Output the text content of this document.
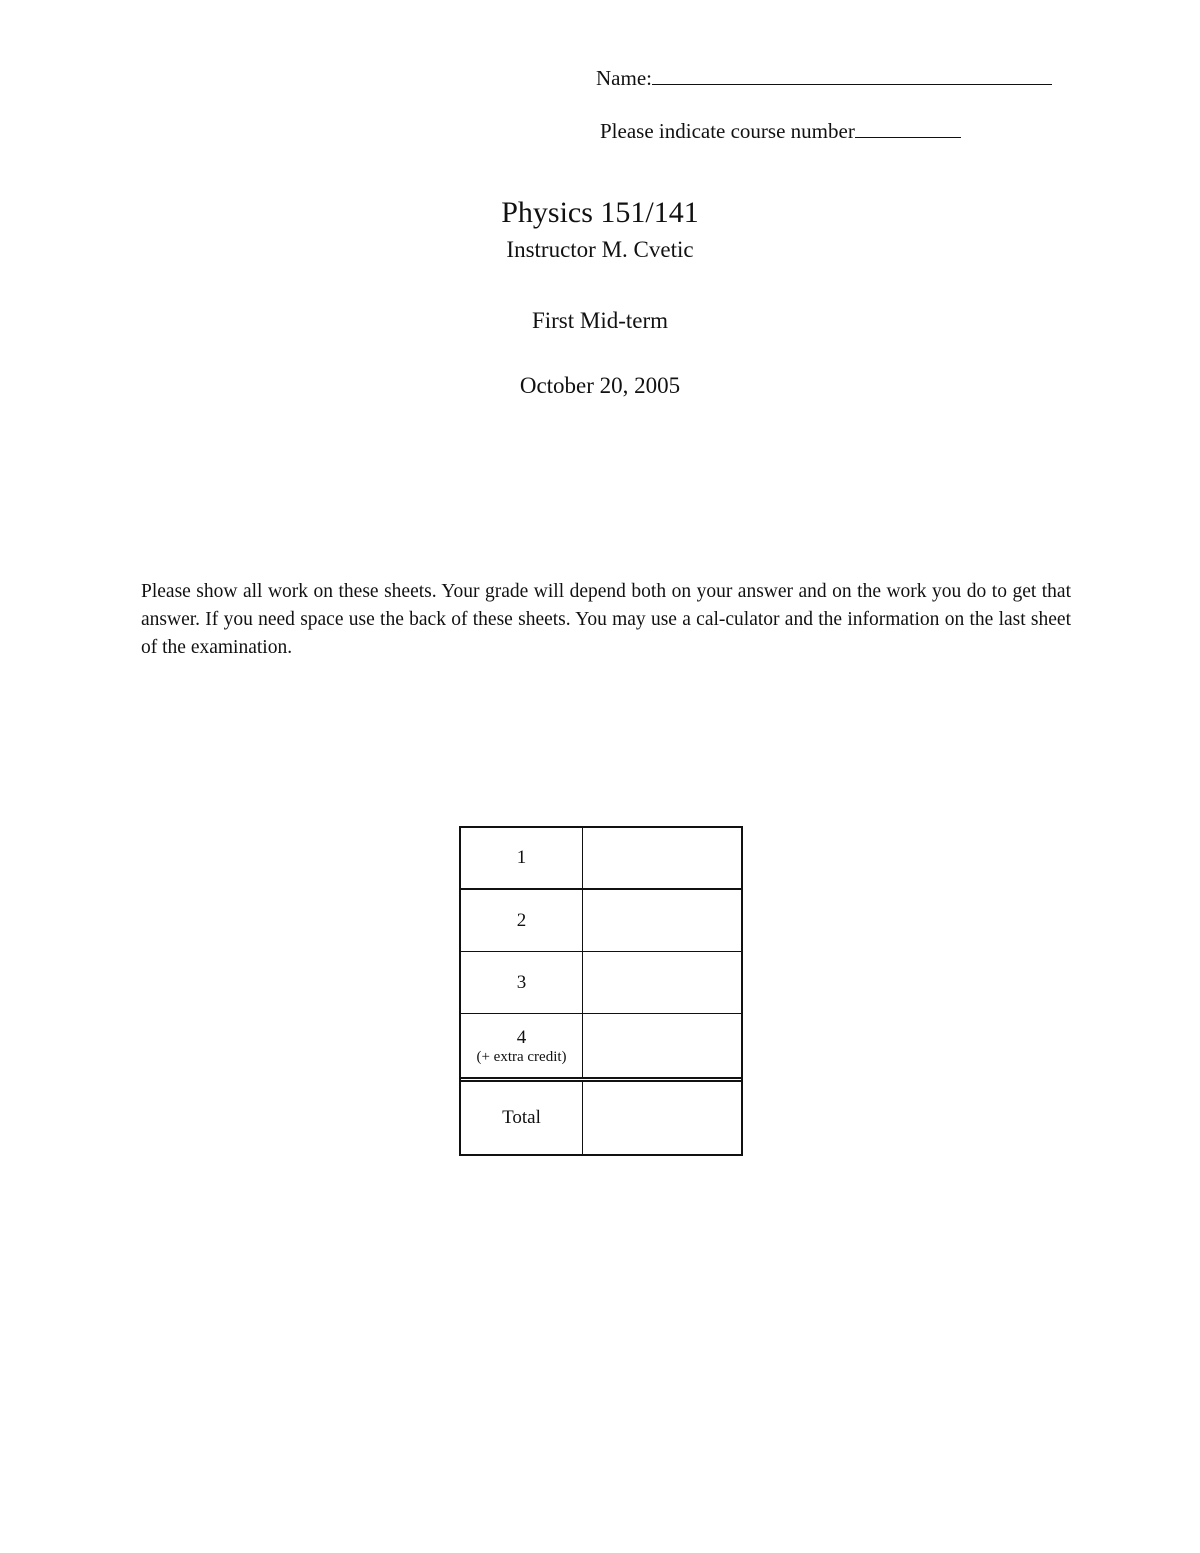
Name:
Please indicate course number
Physics 151/141
Instructor M. Cvetic
First Mid-term
October 20, 2005
Please show all work on these sheets. Your grade will depend both on your answer and on the work you do to get that answer. If you need space use the back of these sheets. You may use a cal-culator and the information on the last sheet of the examination.
1
2
3
4
(+ extra credit)
Total
